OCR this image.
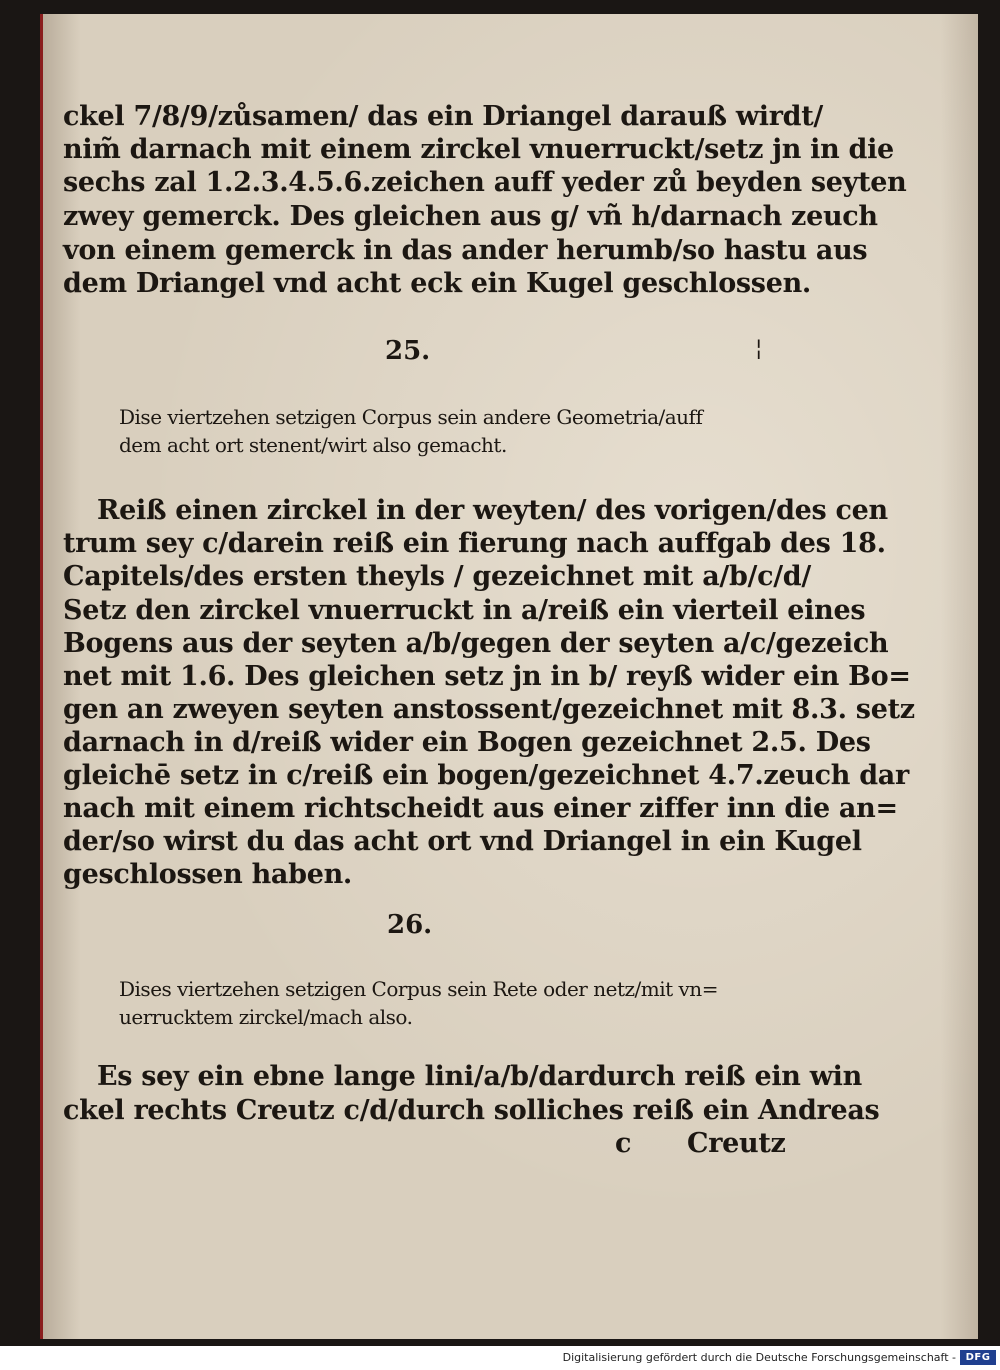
ckel 7/8/9/zůsamen/ das ein Driangel darauß wirdt/
nim̃ darnach mit einem zirckel vnuerruckt/setz jn in die
sechs zal 1.2.3.4.5.6.zeichen auff yeder zů beyden seyten
zwey gemerck. Des gleichen aus g/ vñ h/darnach zeuch
von einem gemerck in das ander herumb/so hastu aus
dem Driangel vnd acht eck ein Kugel geschlossen.
25.	¦
Dise viertzehen setzigen Corpus sein andere Geometria/auff
dem acht ort stenent/wirt also gemacht.
Reiß einen zirckel in der weyten/ des vorigen/des cen
trum sey c/darein reiß ein fierung nach auffgab des 18.
Capitels/des ersten theyls / gezeichnet mit a/b/c/d/
Setz den zirckel vnuerruckt in a/reiß ein vierteil eines
Bogens aus der seyten a/b/gegen der seyten a/c/gezeich
net mit 1.6. Des gleichen setz jn in b/ reyß wider ein Bo=
gen an zweyen seyten anstossent/gezeichnet mit 8.3. setz
darnach in d/reiß wider ein Bogen gezeichnet 2.5. Des
gleichē setz in c/reiß ein bogen/gezeichnet 4.7.zeuch dar
nach mit einem richtscheidt aus einer ziffer inn die an=
der/so wirst du das acht ort vnd Driangel in ein Kugel
geschlossen haben.
26.
Dises viertzehen setzigen Corpus sein Rete oder netz/mit vn=
uerrucktem zirckel/mach also.
Es sey ein ebne lange lini/a/b/dardurch reiß ein win
ckel rechts Creutz c/d/durch solliches reiß ein Andreas
c Creutz
Digitalisierung gefördert durch die Deutsche Forschungsgemeinschaft - DFG
